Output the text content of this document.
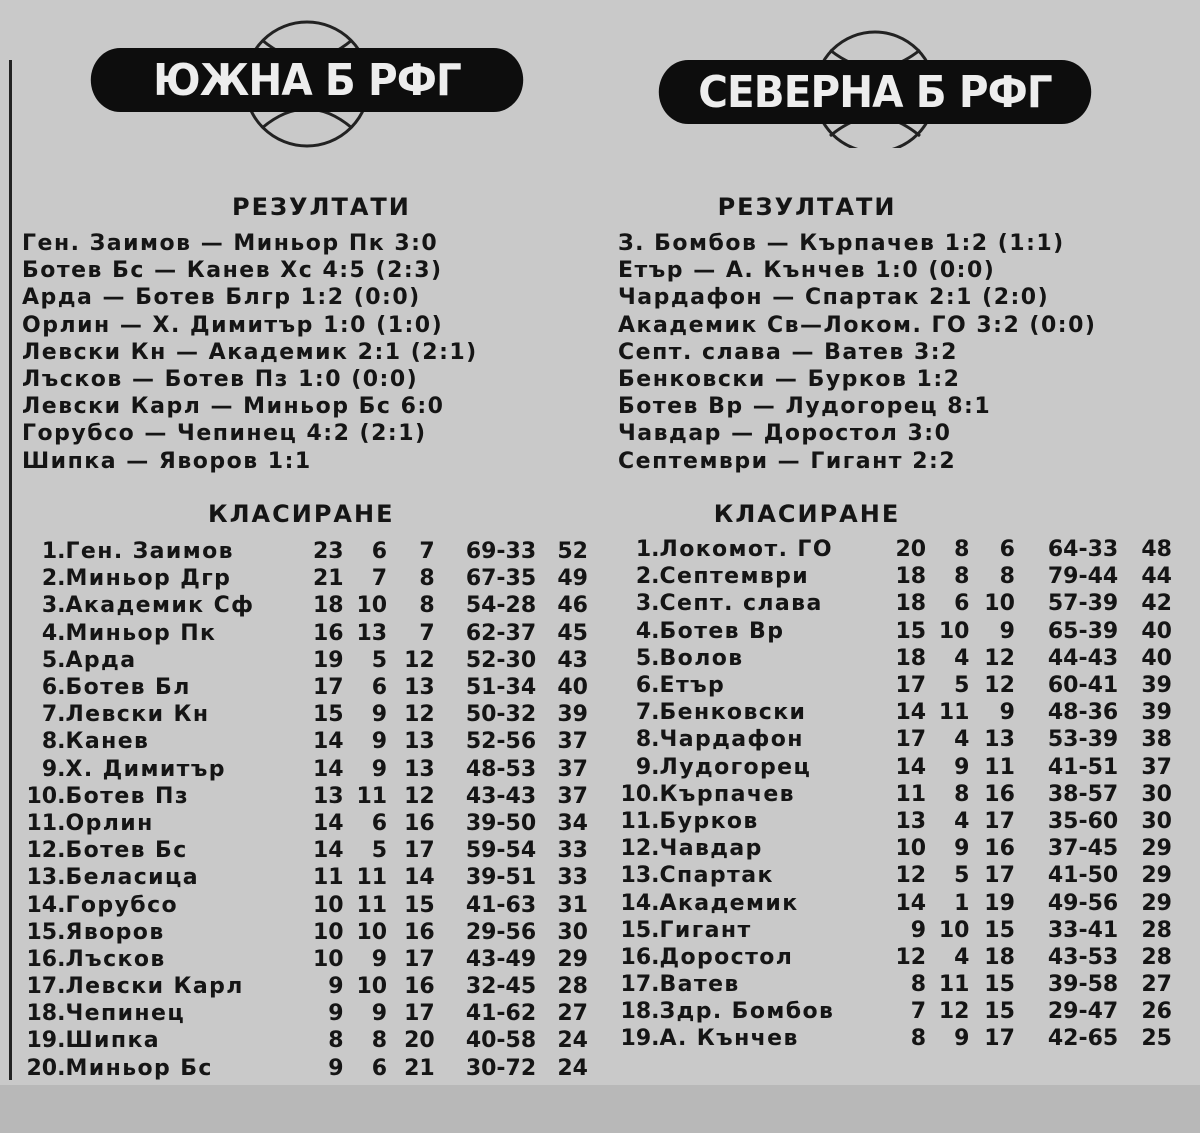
ЮЖНА Б РФГ
РЕЗУЛТАТИ
Ген. Заимов — Миньор Пк 3:0
Ботев Бс — Канев Хс 4:5 (2:3)
Арда — Ботев Блгр 1:2 (0:0)
Орлин — Х. Димитър 1:0 (1:0)
Левски Кн — Академик 2:1 (2:1)
Лъсков — Ботев Пз 1:0 (0:0)
Левски Карл — Миньор Бс 6:0
Горубсо — Чепинец 4:2 (2:1)
Шипка — Яворов 1:1
КЛАСИРАНЕ
1.	Ген. Заимов	23	6	7	69-33	52
2.	Миньор Дгр	21	7	8	67-35	49
3.	Академик Сф	18	10	8	54-28	46
4.	Миньор Пк	16	13	7	62-37	45
5.	Арда	19	5	12	52-30	43
6.	Ботев Бл	17	6	13	51-34	40
7.	Левски Кн	15	9	12	50-32	39
8.	Канев	14	9	13	52-56	37
9.	Х. Димитър	14	9	13	48-53	37
10.	Ботев Пз	13	11	12	43-43	37
11.	Орлин	14	6	16	39-50	34
12.	Ботев Бс	14	5	17	59-54	33
13.	Беласица	11	11	14	39-51	33
14.	Горубсо	10	11	15	41-63	31
15.	Яворов	10	10	16	29-56	30
16.	Лъсков	10	9	17	43-49	29
17.	Левски Карл	9	10	16	32-45	28
18.	Чепинец	9	9	17	41-62	27
19.	Шипка	8	8	20	40-58	24
20.	Миньор Бс	9	6	21	30-72	24
СЕВЕРНА Б РФГ
РЕЗУЛТАТИ
З. Бомбов — Кърпачев 1:2 (1:1)
Етър — А. Кънчев 1:0 (0:0)
Чардафон — Спартак 2:1 (2:0)
Академик Св—Локом. ГО 3:2 (0:0)
Септ. слава — Ватев 3:2
Бенковски — Бурков 1:2
Ботев Вр — Лудогорец 8:1
Чавдар — Доростол 3:0
Септември — Гигант 2:2
КЛАСИРАНЕ
1.	Локомот. ГО	20	8	6	64-33	48
2.	Септември	18	8	8	79-44	44
3.	Септ. слава	18	6	10	57-39	42
4.	Ботев Вр	15	10	9	65-39	40
5.	Волов	18	4	12	44-43	40
6.	Етър	17	5	12	60-41	39
7.	Бенковски	14	11	9	48-36	39
8.	Чардафон	17	4	13	53-39	38
9.	Лудогорец	14	9	11	41-51	37
10.	Кърпачев	11	8	16	38-57	30
11.	Бурков	13	4	17	35-60	30
12.	Чавдар	10	9	16	37-45	29
13.	Спартак	12	5	17	41-50	29
14.	Академик	14	1	19	49-56	29
15.	Гигант	9	10	15	33-41	28
16.	Доростол	12	4	18	43-53	28
17.	Ватев	8	11	15	39-58	27
18.	Здр. Бомбов	7	12	15	29-47	26
19.	А. Кънчев	8	9	17	42-65	25
